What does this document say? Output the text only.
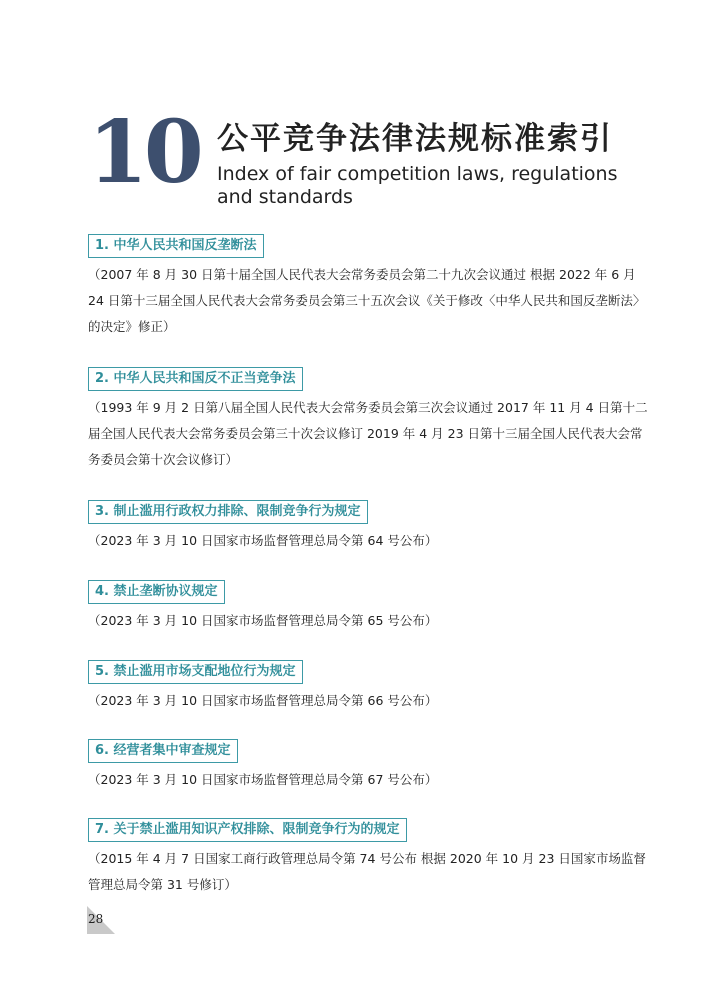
10 公平竞争法律法规标准索引
Index of fair competition laws, regulations and standards
1. 中华人民共和国反垄断法
（2007 年 8 月 30 日第十届全国人民代表大会常务委员会第二十九次会议通过 根据 2022 年 6 月 24 日第十三届全国人民代表大会常务委员会第三十五次会议《关于修改〈中华人民共和国反垄断法〉的决定》修正）
2. 中华人民共和国反不正当竞争法
（1993 年 9 月 2 日第八届全国人民代表大会常务委员会第三次会议通过 2017 年 11 月 4 日第十二届全国人民代表大会常务委员会第三十次会议修订 2019 年 4 月 23 日第十三届全国人民代表大会常务委员会第十次会议修订）
3. 制止滥用行政权力排除、限制竞争行为规定
（2023 年 3 月 10 日国家市场监督管理总局令第 64 号公布）
4. 禁止垄断协议规定
（2023 年 3 月 10 日国家市场监督管理总局令第 65 号公布）
5. 禁止滥用市场支配地位行为规定
（2023 年 3 月 10 日国家市场监督管理总局令第 66 号公布）
6. 经营者集中审查规定
（2023 年 3 月 10 日国家市场监督管理总局令第 67 号公布）
7. 关于禁止滥用知识产权排除、限制竞争行为的规定
（2015 年 4 月 7 日国家工商行政管理总局令第 74 号公布 根据 2020 年 10 月 23 日国家市场监督管理总局令第 31 号修订）
28
